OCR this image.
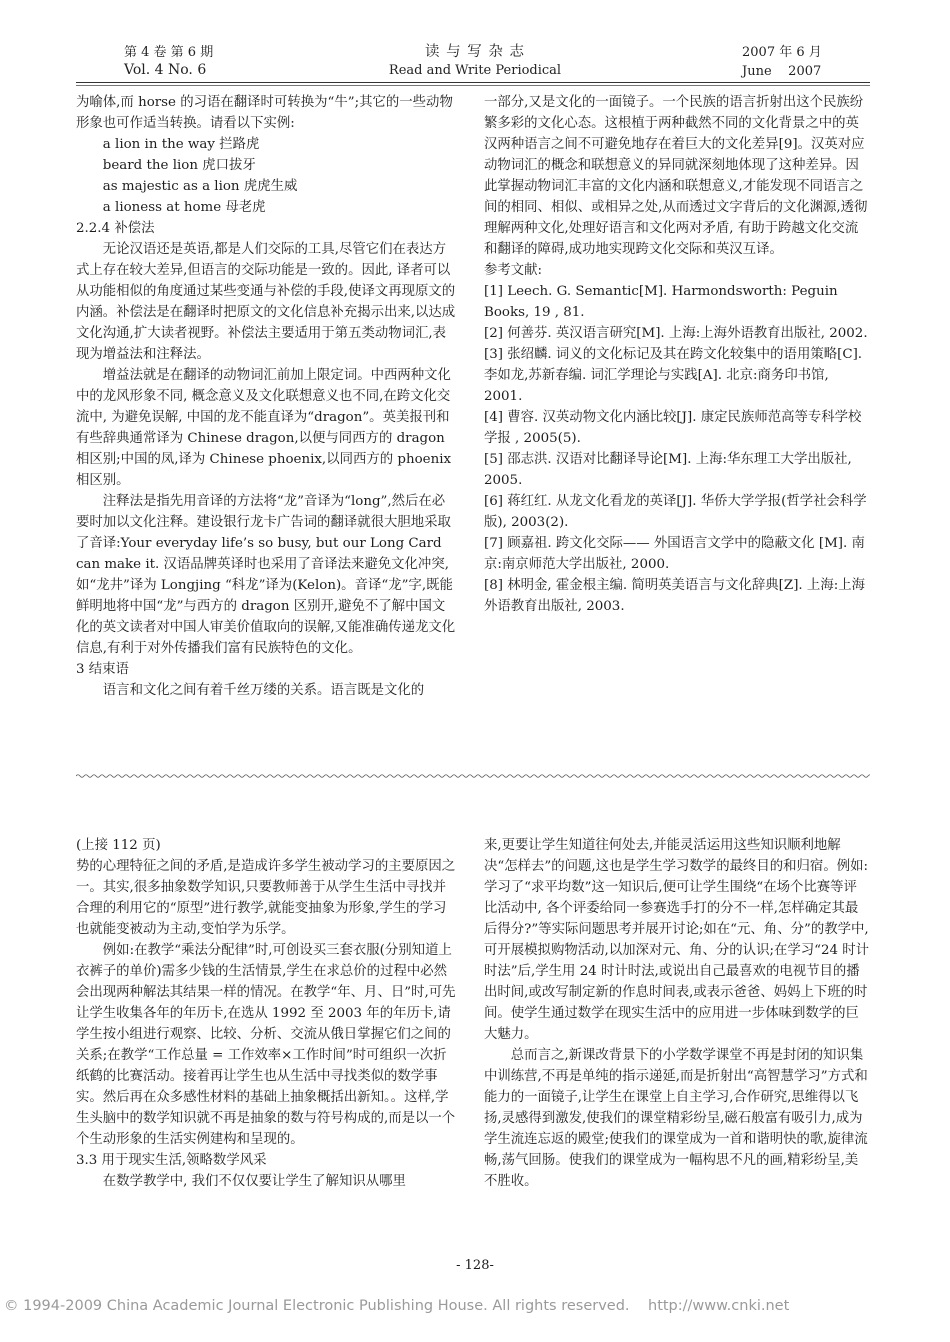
第 4 卷 第 6 期
Vol. 4 No. 6
读 与 写 杂 志
Read and Write Periodical
2007 年 6 月
June    2007

为喻体,而 horse 的习语在翻译时可转换为“牛”;其它的一些动物形象也可作适当转换。请看以下实例:

a lion in the way 拦路虎

beard the lion 虎口拔牙

as majestic as a lion 虎虎生威

a lioness at home 母老虎

2.2.4 补偿法

无论汉语还是英语,都是人们交际的工具,尽管它们在表达方式上存在较大差异,但语言的交际功能是一致的。因此, 译者可以从功能相似的角度通过某些变通与补偿的手段,使译文再现原文的内涵。补偿法是在翻译时把原文的文化信息补充揭示出来,以达成文化沟通,扩大读者视野。补偿法主要适用于第五类动物词汇,表现为增益法和注释法。

增益法就是在翻译的动物词汇前加上限定词。中西两种文化中的龙风形象不同, 概念意义及文化联想意义也不同,在跨文化交流中, 为避免误解, 中国的龙不能直译为“dragon”。英美报刊和有些辞典通常译为 Chinese dragon,以便与同西方的 dragon 相区别;中国的凤,译为 Chinese phoenix,以同西方的 phoenix 相区别。

注释法是指先用音译的方法将“龙”音译为“long”,然后在必要时加以文化注释。建设银行龙卡广告词的翻译就很大胆地采取了音译:Your everyday life’s so busy, but our Long Card can make it. 汉语品牌英译时也采用了音译法来避免文化冲突, 如“龙井”译为 Longjing “科龙”译为(Kelon)。音译“龙”字,既能鲜明地将中国“龙”与西方的 dragon 区别开,避免不了解中国文化的英文读者对中国人审美价值取向的误解,又能准确传递龙文化信息,有利于对外传播我们富有民族特色的文化。

3 结束语

语言和文化之间有着千丝万缕的关系。语言既是文化的

一部分,又是文化的一面镜子。一个民族的语言折射出这个民族纷繁多彩的文化心态。这根植于两种截然不同的文化背景之中的英汉两种语言之间不可避免地存在着巨大的文化差异[9]。汉英对应动物词汇的概念和联想意义的异同就深刻地体现了这种差异。因此掌握动物词汇丰富的文化内涵和联想意义,才能发现不同语言之间的相同、相似、或相异之处,从而透过文字背后的文化渊源,透彻理解两种文化,处理好语言和文化两对矛盾, 有助于跨越文化交流和翻译的障碍,成功地实现跨文化交际和英汉互译。

参考文献:

[1] Leech. G. Semantic[M]. Harmondsworth: Peguin Books, 19 , 81.

[2] 何善芬. 英汉语言研究[M]. 上海:上海外语教育出版社, 2002.

[3] 张绍麟. 词义的文化标记及其在跨文化较集中的语用策略[C]. 李如龙,苏新春编. 词汇学理论与实践[A]. 北京:商务印书馆, 2001.

[4] 曹容. 汉英动物文化内涵比较[J]. 康定民族师范高等专科学校学报 , 2005(5).

[5] 邵志洪. 汉语对比翻译导论[M]. 上海:华东理工大学出版社, 2005.

[6] 蒋红红. 从龙文化看龙的英译[J]. 华侨大学学报(哲学社会科学版), 2003(2).

[7] 顾嘉祖. 跨文化交际—— 外国语言文学中的隐蔽文化 [M]. 南京:南京师范大学出版社, 2000.

[8] 林明金, 霍金根主编. 简明英美语言与文化辞典[Z]. 上海:上海外语教育出版社, 2003.

(上接 112 页)

势的心理特征之间的矛盾,是造成许多学生被动学习的主要原因之一。其实,很多抽象数学知识,只要教师善于从学生生活中寻找并合理的利用它的“原型”进行教学,就能变抽象为形象,学生的学习也就能变被动为主动,变怕学为乐学。

例如:在教学“乘法分配律”时,可创设买三套衣服(分别知道上衣裤子的单价)需多少钱的生活情景,学生在求总价的过程中必然会出现两种解法其结果一样的情况。在教学“年、月、日”时,可先让学生收集各年的年历卡,在选从 1992 至 2003 年的年历卡,请学生按小组进行观察、比较、分析、交流从俄日掌握它们之间的关系;在教学“工作总量 = 工作效率×工作时间”时可组织一次折纸鹤的比赛活动。接着再让学生也从生活中寻找类似的数学事实。然后再在众多感性材料的基础上抽象概括出新知。。这样,学生头脑中的数学知识就不再是抽象的数与符号构成的,而是以一个个生动形象的生活实例建构和呈现的。

3.3 用于现实生活,领略数学风采

在数学教学中, 我们不仅仅要让学生了解知识从哪里

来,更要让学生知道往何处去,并能灵活运用这些知识顺利地解决“怎样去”的问题,这也是学生学习数学的最终目的和归宿。例如:学习了“求平均数”这一知识后,便可让学生围绕“在场个比赛等评比活动中, 各个评委给同一参赛选手打的分不一样,怎样确定其最后得分?”等实际问题思考并展开讨论;如在“元、角、分”的教学中,可开展模拟购物活动,以加深对元、角、分的认识;在学习“24 时计时法”后,学生用 24 时计时法,或说出自己最喜欢的电视节目的播出时间,或改写制定新的作息时间表,或表示爸爸、妈妈上下班的时间。使学生通过数学在现实生活中的应用进一步体味到数学的巨大魅力。

总而言之,新课改背景下的小学数学课堂不再是封闭的知识集中训练营,不再是单纯的指示递延,而是折射出“高智慧学习”方式和能力的一面镜子,让学生在课堂上自主学习,合作研究,思维得以飞扬,灵感得到激发,使我们的课堂精彩纷呈,磁石般富有吸引力,成为学生流连忘返的殿堂;使我们的课堂成为一首和谐明快的歌,旋律流畅,荡气回肠。使我们的课堂成为一幅构思不凡的画,精彩纷呈,美不胜收。

- 128-
© 1994-2009 China Academic Journal Electronic Publishing House. All rights reserved. http://www.cnki.net
